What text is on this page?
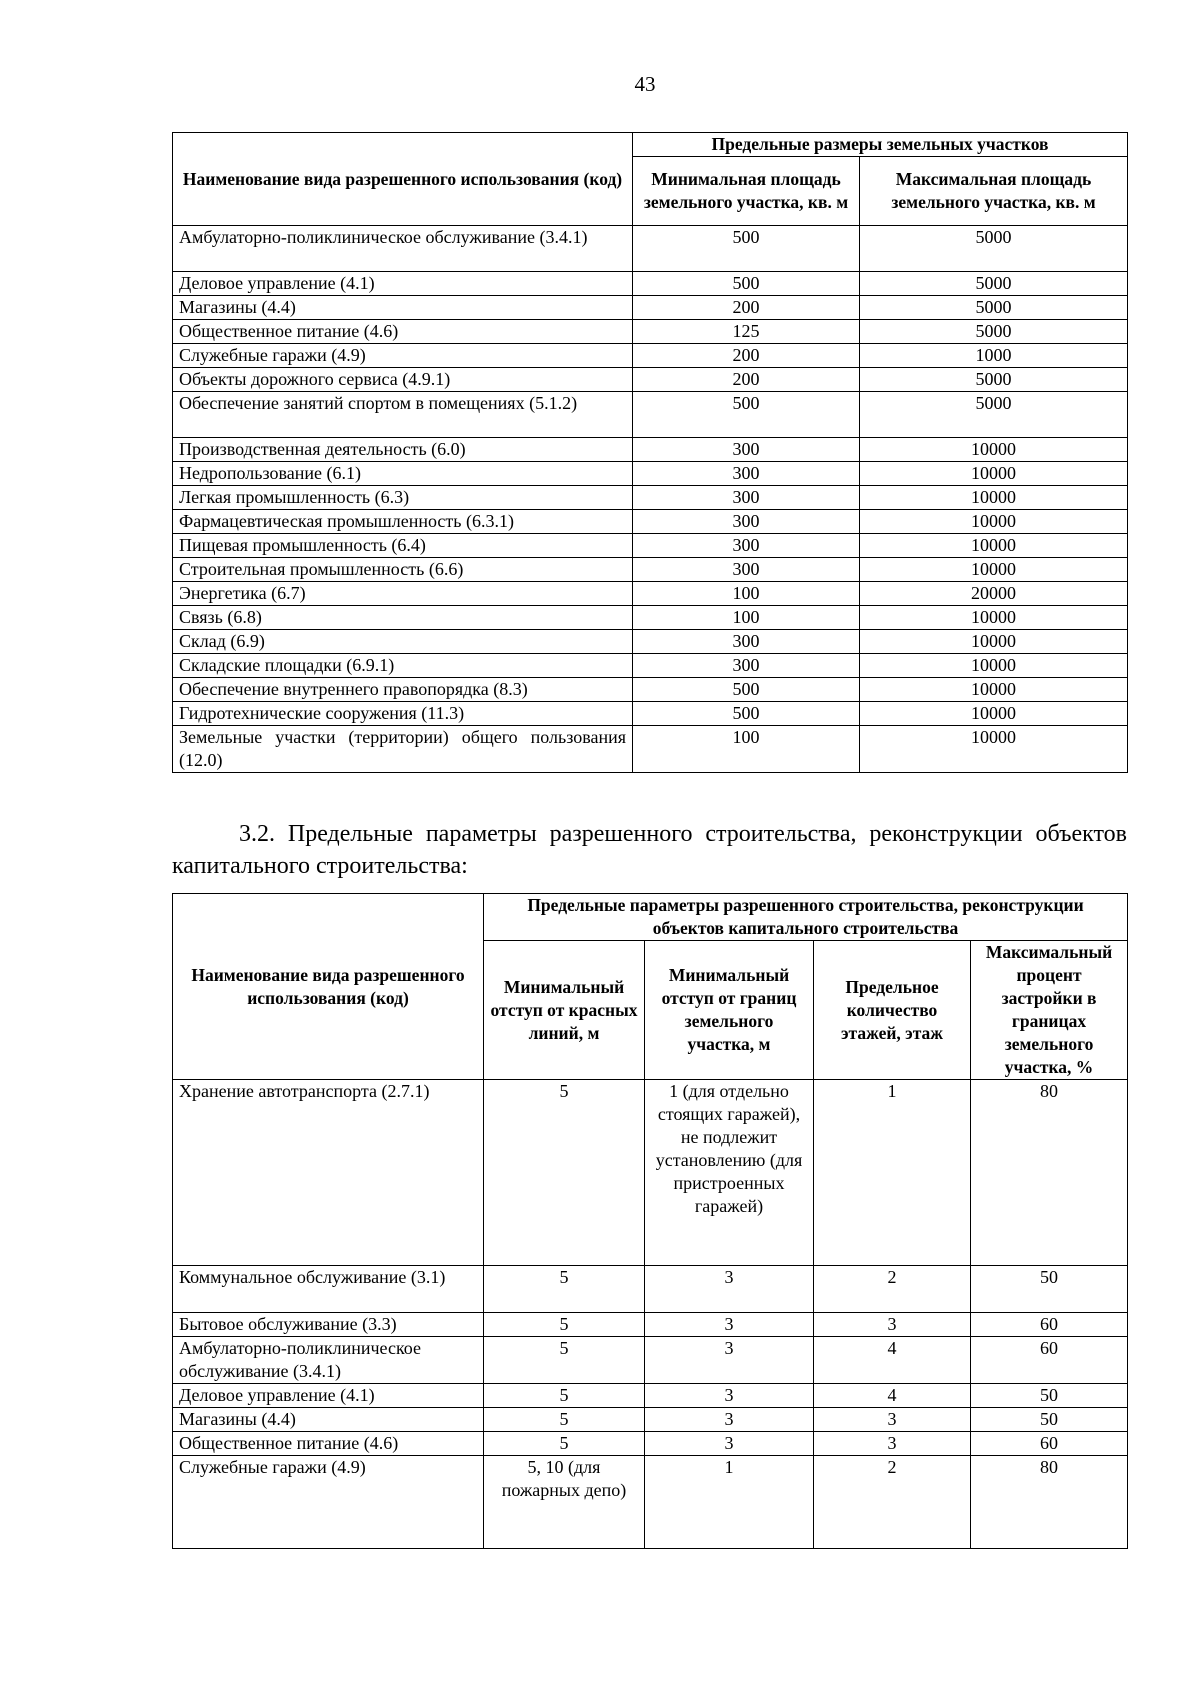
43
Наименование вида разрешенного использования (код)	Предельные размеры земельных участков	
	Минимальная площадь земельного участка, кв. м	Максимальная площадь земельного участка, кв. м
Амбулаторно-поликлиническое обслуживание (3.4.1)	500	5000
Деловое управление (4.1)	500	5000
Магазины (4.4)	200	5000
Общественное питание (4.6)	125	5000
Служебные гаражи (4.9)	200	1000
Объекты дорожного сервиса (4.9.1)	200	5000
Обеспечение занятий спортом в помещениях (5.1.2)	500	5000
Производственная деятельность (6.0)	300	10000
Недропользование (6.1)	300	10000
Легкая промышленность (6.3)	300	10000
Фармацевтическая промышленность (6.3.1)	300	10000
Пищевая промышленность (6.4)	300	10000
Строительная промышленность (6.6)	300	10000
Энергетика (6.7)	100	20000
Связь (6.8)	100	10000
Склад (6.9)	300	10000
Складские площадки (6.9.1)	300	10000
Обеспечение внутреннего правопорядка (8.3)	500	10000
Гидротехнические сооружения (11.3)	500	10000
Земельные участки (территории) общего пользования (12.0)	100	10000
3.2. Предельные параметры разрешенного строительства, реконструкции объектов капитального строительства:
Наименование вида разрешенного использования (код)	Предельные параметры разрешенного строительства, реконструкции объектов капитального строительства			
	Минимальный отступ от красных линий, м	Минимальный отступ от границ земельного участка, м	Предельное количество этажей, этаж	Максимальный процент застройки в границах земельного участка, %
Хранение автотранспорта (2.7.1)	5	1 (для отдельно стоящих гаражей), не подлежит установлению (для пристроенных гаражей)	1	80
Коммунальное обслуживание (3.1)	5	3	2	50
Бытовое обслуживание (3.3)	5	3	3	60
Амбулаторно-поликлиническое обслуживание (3.4.1)	5	3	4	60
Деловое управление (4.1)	5	3	4	50
Магазины (4.4)	5	3	3	50
Общественное питание (4.6)	5	3	3	60
Служебные гаражи (4.9)	5, 10 (для пожарных депо)	1	2	80
